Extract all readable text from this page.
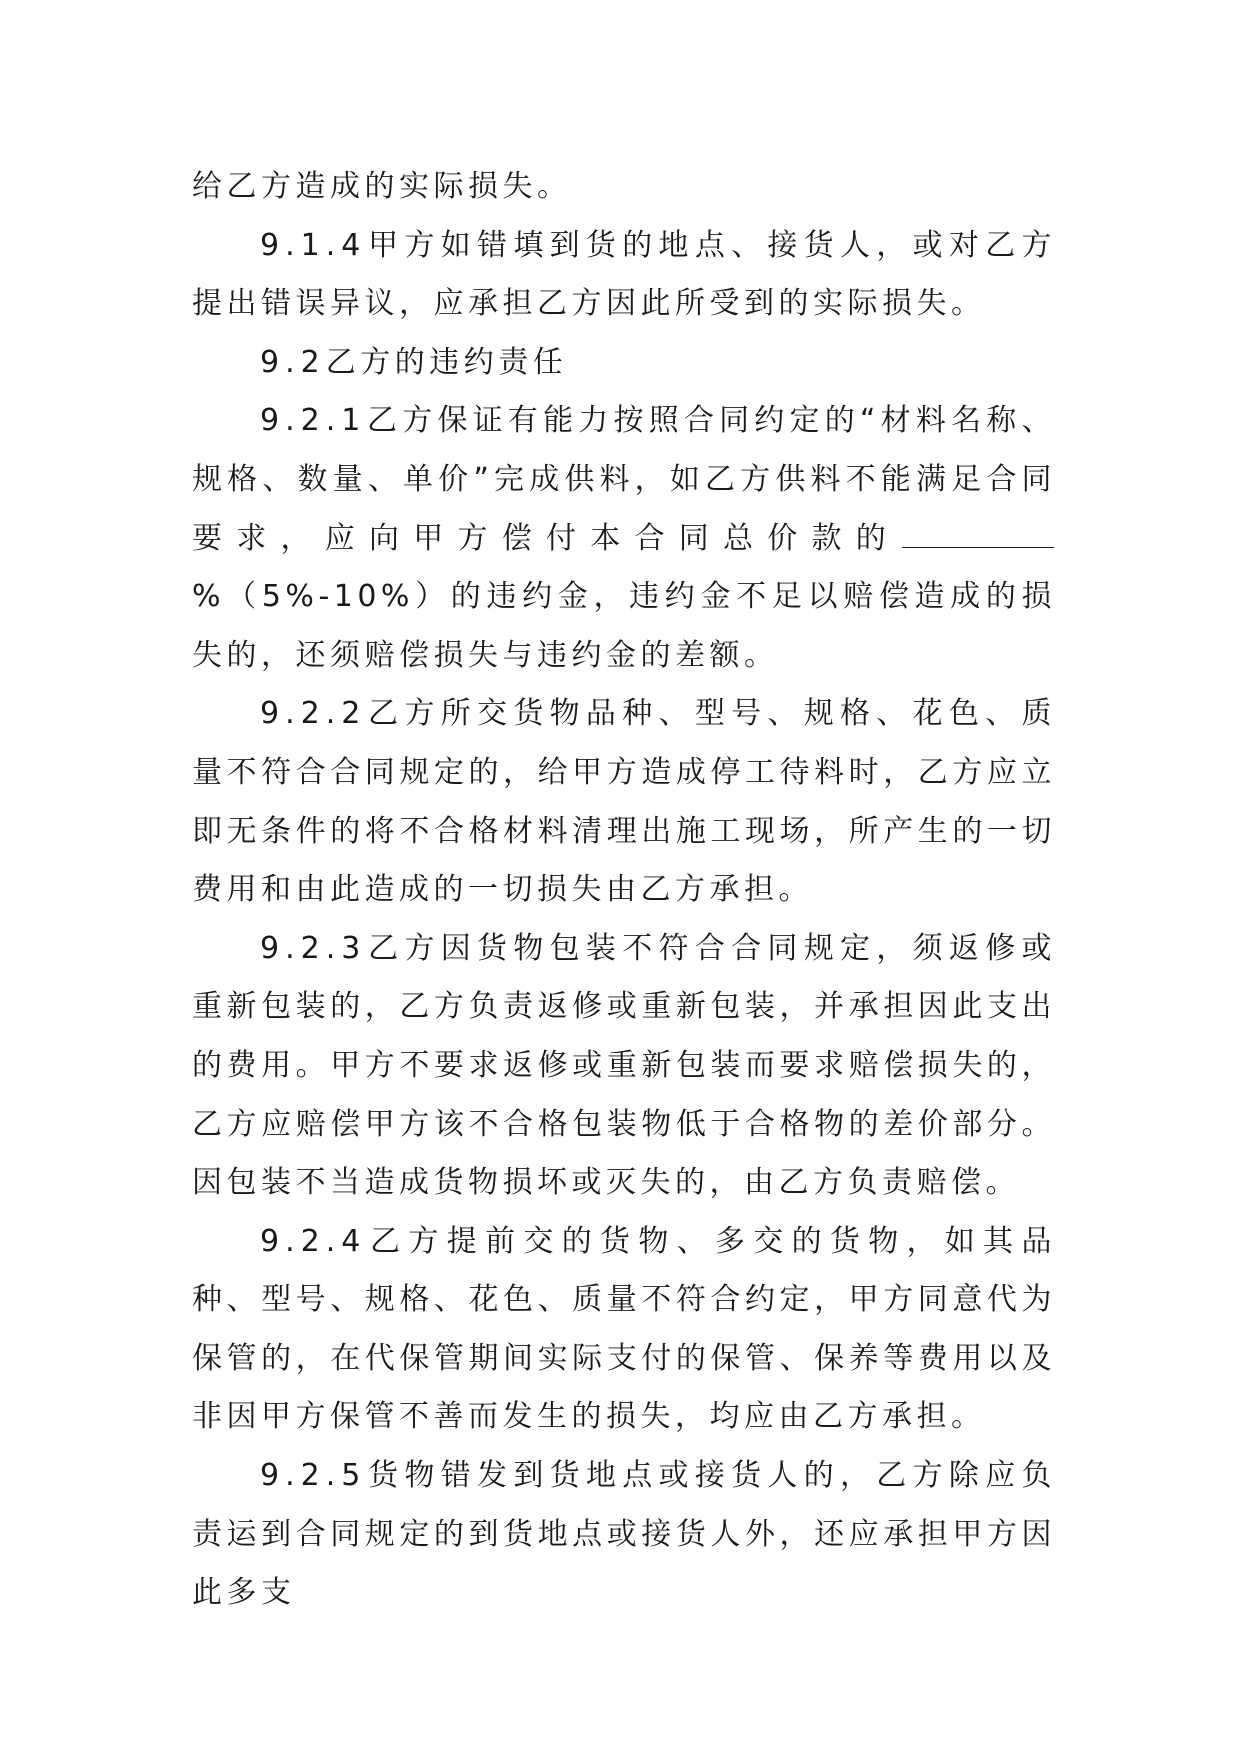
给乙方造成的实际损失。

9.1.4甲方如错填到货的地点、接货人，或对乙方提出错误异议，应承担乙方因此所受到的实际损失。

9.2乙方的违约责任

9.2.1乙方保证有能力按照合同约定的“材料名称、规格、数量、单价”完成供料，如乙方供料不能满足合同要求，应向甲方偿付本合同总价款的%（5%-10%）的违约金，违约金不足以赔偿造成的损失的，还须赔偿损失与违约金的差额。

9.2.2乙方所交货物品种、型号、规格、花色、质量不符合合同规定的，给甲方造成停工待料时，乙方应立即无条件的将不合格材料清理出施工现场，所产生的一切费用和由此造成的一切损失由乙方承担。

9.2.3乙方因货物包装不符合合同规定，须返修或重新包装的，乙方负责返修或重新包装，并承担因此支出的费用。甲方不要求返修或重新包装而要求赔偿损失的，乙方应赔偿甲方该不合格包装物低于合格物的差价部分。因包装不当造成货物损坏或灭失的，由乙方负责赔偿。

9.2.4乙方提前交的货物、多交的货物，如其品种、型号、规格、花色、质量不符合约定，甲方同意代为保管的，在代保管期间实际支付的保管、保养等费用以及非因甲方保管不善而发生的损失，均应由乙方承担。

9.2.5货物错发到货地点或接货人的，乙方除应负责运到合同规定的到货地点或接货人外，还应承担甲方因此多支
